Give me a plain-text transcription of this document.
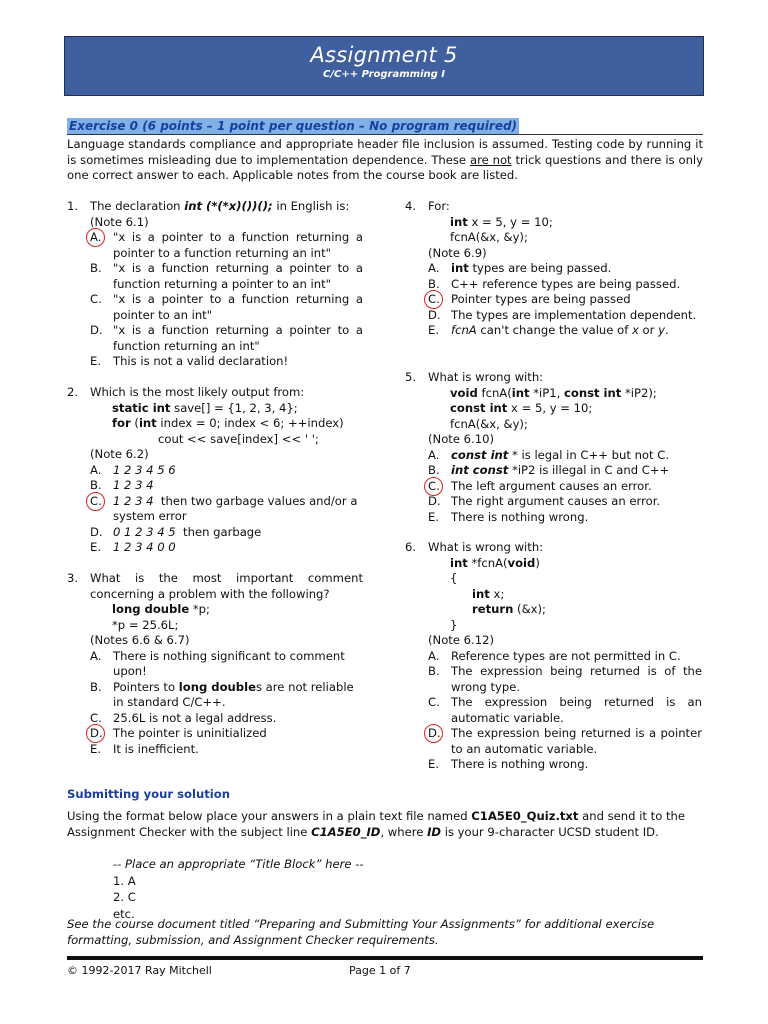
Assignment 5
C/C++ Programming I
Exercise 0 (6 points – 1 point per question – No program required)
Language standards compliance and appropriate header file inclusion is assumed. Testing code by running it is sometimes misleading due to implementation dependence. These are not trick questions and there is only one correct answer to each. Applicable notes from the course book are listed.
1.	The declaration int (*(*x)())(); in English is:
(Note 6.1)
A. "x is a pointer to a function returning a pointer to a function returning an int"
B. "x is a function returning a pointer to a function returning a pointer to an int"
C. "x is a pointer to a function returning a pointer to an int"
D. "x is a function returning a pointer to a function returning an int"
E. This is not a valid declaration!
2.	Which is the most likely output from:
static int save[] = {1, 2, 3, 4};
for (int index = 0; index < 6; ++index)
cout << save[index] << ' ';
(Note 6.2)
A. 1 2 3 4 5 6
B. 1 2 3 4
C. 1 2 3 4  then two garbage values and/or a system error
D. 0 1 2 3 4 5  then garbage
E. 1 2 3 4 0 0
3.	What is the most important comment concerning a problem with the following?
long double *p;
*p = 25.6L;
(Notes 6.6 & 6.7)
A. There is nothing significant to comment upon!
B. Pointers to long doubles are not reliable in standard C/C++.
C. 25.6L is not a legal address.
D. The pointer is uninitialized
E. It is inefficient.
4.	For:
int x = 5, y = 10;
fcnA(&x, &y);
(Note 6.9)
A. int types are being passed.
B. C++ reference types are being passed.
C. Pointer types are being passed
D. The types are implementation dependent.
E. fcnA can't change the value of x or y.
5.	What is wrong with:
void fcnA(int *iP1, const int *iP2);
const int x = 5, y = 10;
fcnA(&x, &y);
(Note 6.10)
A. const int * is legal in C++ but not C.
B. int const *iP2 is illegal in C and C++
C. The left argument causes an error.
D. The right argument causes an error.
E. There is nothing wrong.
6.	What is wrong with:
int *fcnA(void)
{
int x;
return (&x);
}
(Note 6.12)
A. Reference types are not permitted in C.
B. The expression being returned is of the wrong type.
C. The expression being returned is an automatic variable.
D. The expression being returned is a pointer to an automatic variable.
E. There is nothing wrong.
Submitting your solution
Using the format below place your answers in a plain text file named C1A5E0_Quiz.txt and send it to the Assignment Checker with the subject line C1A5E0_ID, where ID is your 9-character UCSD student ID.
-- Place an appropriate “Title Block” here --
1. A
2. C
etc.
See the course document titled “Preparing and Submitting Your Assignments” for additional exercise formatting, submission, and Assignment Checker requirements.
© 1992-2017 Ray Mitchell	Page 1 of 7
